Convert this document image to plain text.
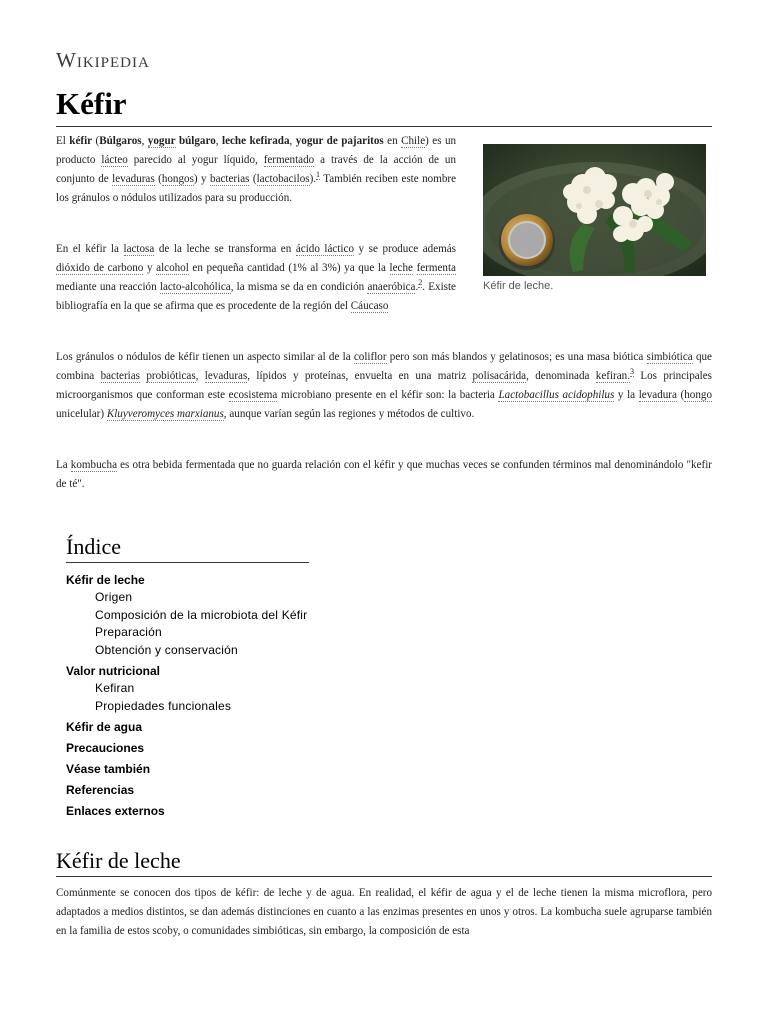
Wikipedia
Kéfir

El kéfir (Búlgaros, yogur búlgaro, leche kefirada, yogur de pajaritos en Chile) es un producto lácteo parecido al yogur líquido, fermentado a través de la acción de un conjunto de levaduras (hongos) y bacterias (lactobacilos).$^1$ También reciben este nombre los gránulos o nódulos utilizados para su producción.

En el kéfir la lactosa de la leche se transforma en ácido láctico y se produce además dióxido de carbono y alcohol en pequeña cantidad (1% al 3%) ya que la leche fermenta mediante una reacción lacto-alcohólica, la misma se da en condición anaeróbica.$^2$. Existe bibliografía en la que se afirma que es procedente de la región del Cáucaso

Los gránulos o nódulos de kéfir tienen un aspecto similar al de la coliflor pero son más blandos y gelatinosos; es una masa biótica simbiótica que combina bacterias probióticas, levaduras, lípidos y proteínas, envuelta en una matriz polisacárida, denominada kefiran.$^3$ Los principales microorganismos que conforman este ecosistema microbiano presente en el kéfir son: la bacteria Lactobacillus acidophilus y la levadura (hongo unicelular) Kluyveromyces marxianus, aunque varían según las regiones y métodos de cultivo.

La kombucha es otra bebida fermentada que no guarda relación con el kéfir y que muchas veces se confunden términos mal denominándolo "kefir de té".

Kéfir de leche.
Índice
Kéfir de leche
Origen
Composición de la microbiota del Kéfir
Preparación
Obtención y conservación
Valor nutricional
Kefiran
Propiedades funcionales
Kéfir de agua
Precauciones
Véase también
Referencias
Enlaces externos
Kéfir de leche

Comúnmente se conocen dos tipos de kéfir: de leche y de agua. En realidad, el kéfir de agua y el de leche tienen la misma microflora, pero adaptados a medios distintos, se dan además distinciones en cuanto a las enzimas presentes en unos y otros. La kombucha suele agruparse también en la familia de estos scoby, o comunidades simbióticas, sin embargo, la composición de esta
